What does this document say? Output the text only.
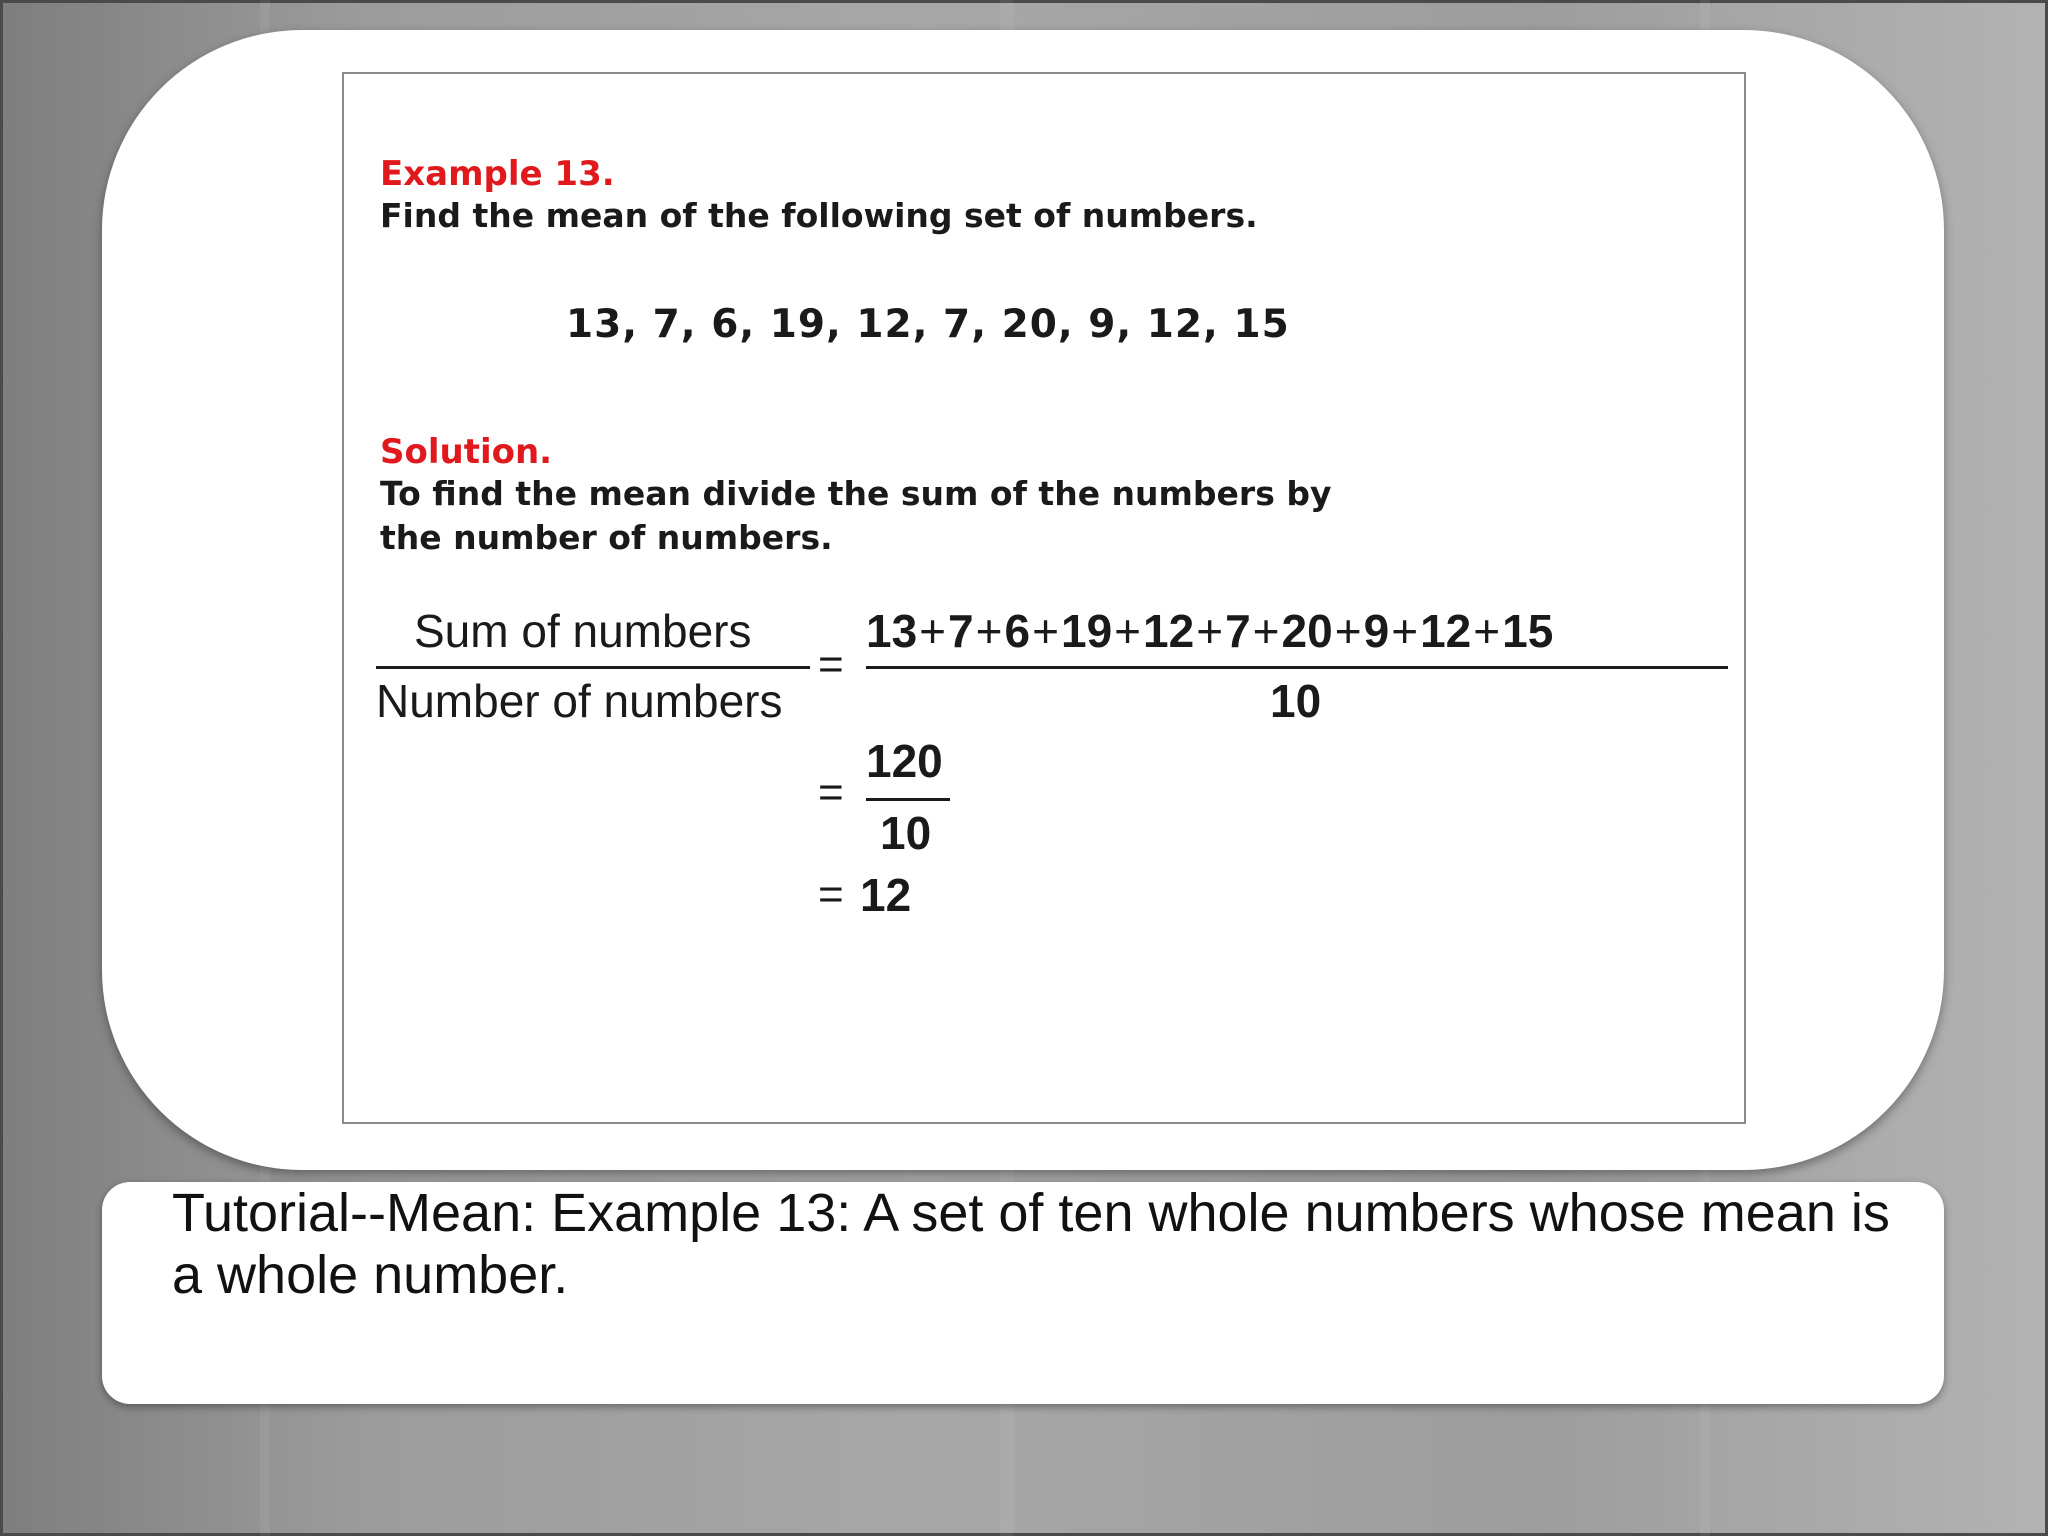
Example 13.
Find the mean of the following set of numbers.
13, 7, 6, 19, 12, 7, 20, 9, 12, 15
Solution.
To find the mean divide the sum of the numbers by
the number of numbers.
Sum of numbers
Number of numbers
=
13+7+6+19+12+7+20+9+12+15
10
=
120
10
= 12
Tutorial--Mean: Example 13: A set of ten whole numbers whose mean is a whole number.
